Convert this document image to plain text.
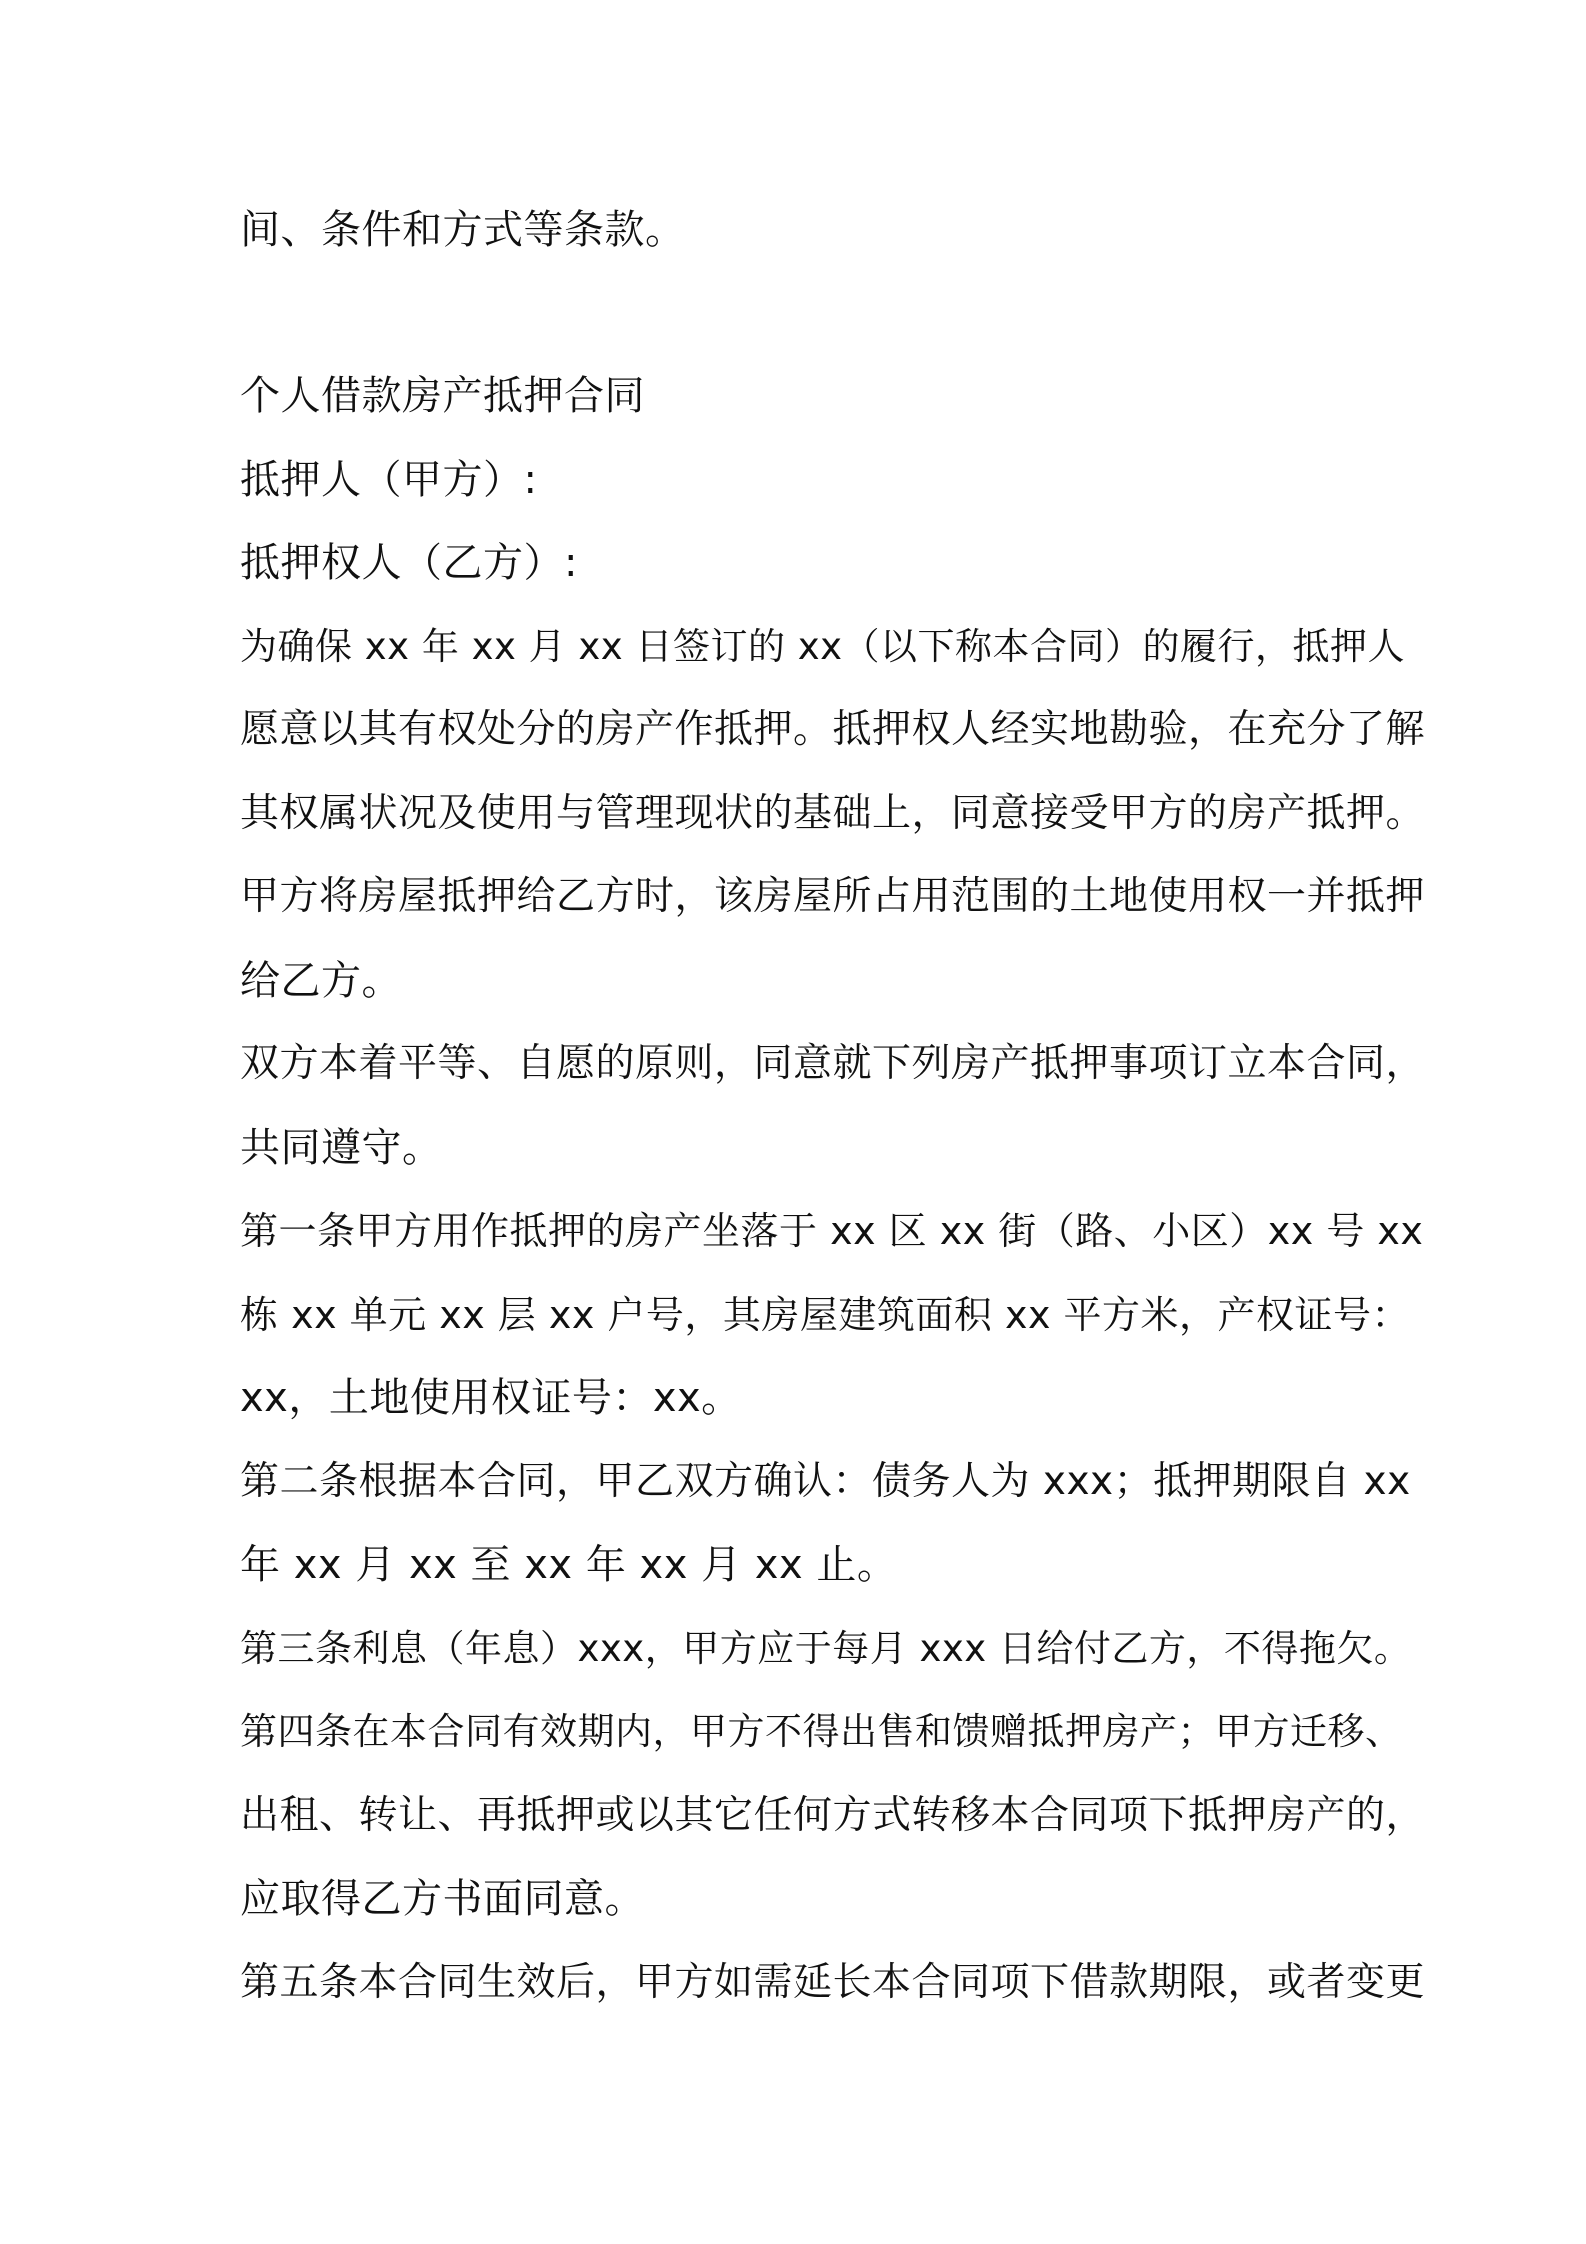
间、条件和方式等条款。

个人借款房产抵押合同

抵押人（甲方）:

抵押权人（乙方）:

为确保 xx 年 xx 月 xx 日签订的 xx（以下称本合同）的履行，抵押人

愿意以其有权处分的房产作抵押。抵押权人经实地勘验，在充分了解

其权属状况及使用与管理现状的基础上，同意接受甲方的房产抵押。

甲方将房屋抵押给乙方时，该房屋所占用范围的土地使用权一并抵押

给乙方。

双方本着平等、自愿的原则，同意就下列房产抵押事项订立本合同，

共同遵守。

第一条甲方用作抵押的房产坐落于 xx 区 xx 街（路、小区）xx 号 xx

栋 xx 单元 xx 层 xx 户号，其房屋建筑面积 xx 平方米，产权证号：

xx，土地使用权证号：xx。

第二条根据本合同，甲乙双方确认：债务人为 xxx；抵押期限自 xx

年 xx 月 xx 至 xx 年 xx 月 xx 止。

第三条利息（年息）xxx，甲方应于每月 xxx 日给付乙方，不得拖欠。

第四条在本合同有效期内，甲方不得出售和馈赠抵押房产；甲方迁移、

出租、转让、再抵押或以其它任何方式转移本合同项下抵押房产的，

应取得乙方书面同意。

第五条本合同生效后，甲方如需延长本合同项下借款期限，或者变更
